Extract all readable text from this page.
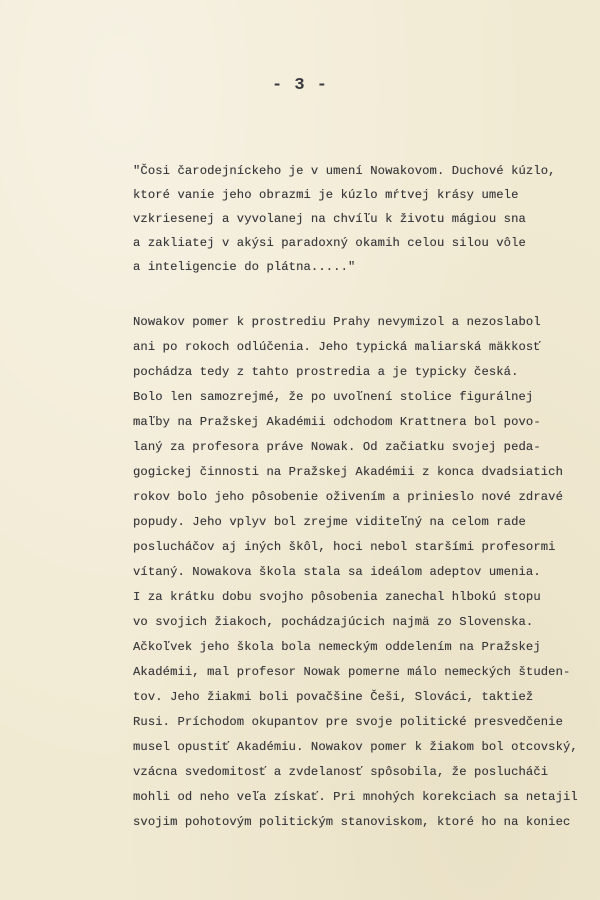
- 3 -
"Čosi čarodejníckeho je v umení Nowakovom. Duchové kúzlo,
ktoré vanie jeho obrazmi je kúzlo mŕtvej krásy umele
vzkriesenej a vyvolanej na chvíľu k životu mágiou sna
a zakliatej v akýsi paradoxný okamih celou silou vôle
a inteligencie do plátna....."
Nowakov pomer k prostrediu Prahy nevymizol a nezoslabol
ani po rokoch odlúčenia. Jeho typická maliarská mäkkosť
pochádza tedy z tahto prostredia a je typicky česká.
Bolo len samozrejmé, že po uvoľnení stolice figurálnej
maľby na Pražskej Akadémii odchodom Krattnera bol povo-
laný za profesora práve Nowak. Od začiatku svojej peda-
gogickej činnosti na Pražskej Akadémii z konca dvadsiatich
rokov bolo jeho pôsobenie oživením a prinieslo nové zdravé
popudy. Jeho vplyv bol zrejme viditeľný na celom rade
poslucháčov aj iných škôl, hoci nebol staršími profesormi
vítaný. Nowakova škola stala sa ideálom adeptov umenia.
I za krátku dobu svojho pôsobenia zanechal hlbokú stopu
vo svojich žiakoch, pochádzajúcich najmä zo Slovenska.
Ačkoľvek jeho škola bola nemeckým oddelením na Pražskej
Akadémii, mal profesor Nowak pomerne málo nemeckých študen-
tov. Jeho žiakmi boli povačšine Češi, Slováci, taktiež
Rusi. Príchodom okupantov pre svoje politické presvedčenie
musel opustiť Akadémiu. Nowakov pomer k žiakom bol otcovský,
vzácna svedomitosť a zvdelanosť spôsobila, že poslucháči
mohli od neho veľa získať. Pri mnohých korekciach sa netajil
svojim pohotovým politickým stanoviskom, ktoré ho na koniec
